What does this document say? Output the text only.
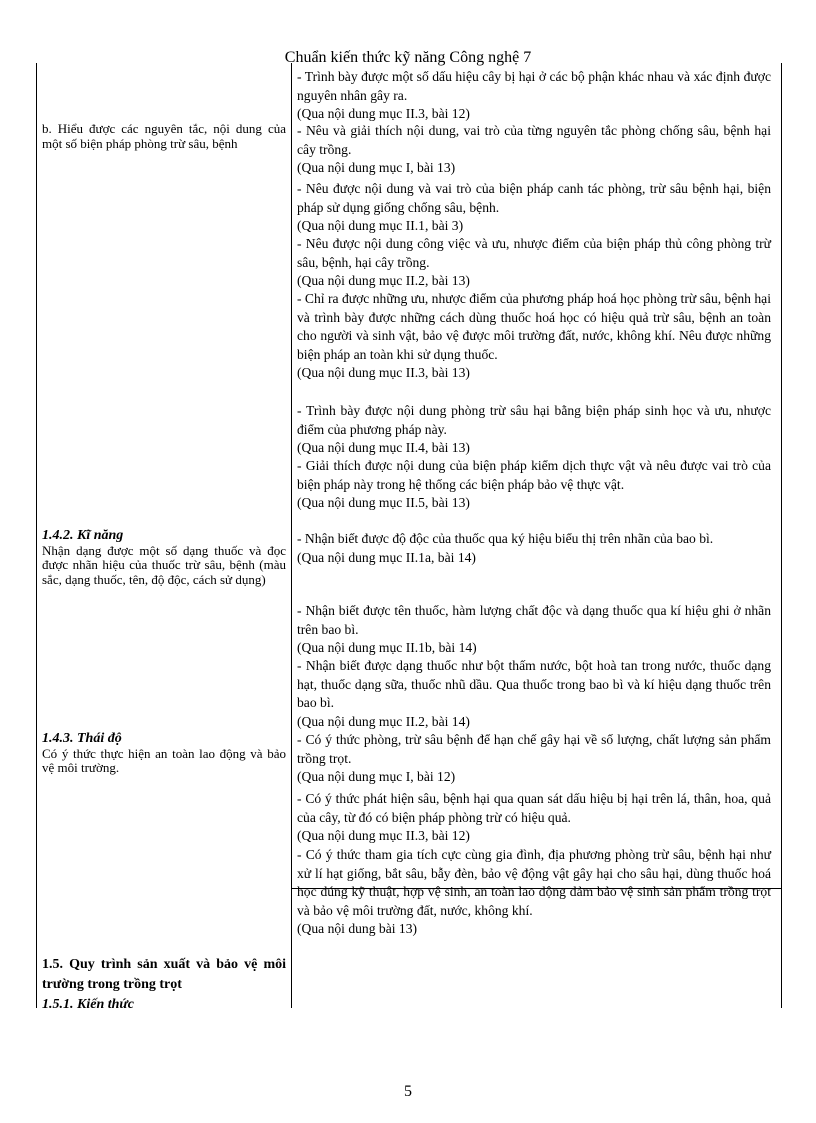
Chuẩn kiến thức kỹ năng Công nghệ 7
b. Hiểu được các nguyên tắc, nội dung của một số biện pháp phòng trừ sâu, bệnh
1.4.2. Kĩ năng
Nhận dạng được một số dạng thuốc và đọc được nhãn hiệu của thuốc trừ sâu, bệnh (màu sắc, dạng thuốc, tên, độ độc, cách sử dụng)
1.4.3. Thái độ
Có ý thức thực hiện an toàn lao động và bảo vệ môi trường.
1.5. Quy trình sản xuất và bảo vệ môi trường trong trồng trọt
1.5.1. Kiến thức
- Trình bày được một số dấu hiệu cây bị hại ở các bộ phận khác nhau và xác định được nguyên nhân gây ra.
(Qua nội dung mục II.3, bài 12)
- Nêu và giải thích nội dung, vai trò của từng nguyên tắc phòng chống sâu, bệnh hại cây trồng.
(Qua nội dung mục I, bài 13)
- Nêu được nội dung và vai trò của biện pháp canh tác phòng, trừ sâu bệnh hại, biện pháp sử dụng giống chống sâu, bệnh.
(Qua nội dung mục II.1, bài 3)
- Nêu được nội dung công việc và ưu, nhược điểm của biện pháp thủ công phòng trừ sâu, bệnh, hại cây trồng.
(Qua nội dung mục II.2, bài 13)
- Chỉ ra được những ưu, nhược điểm của phương pháp hoá học phòng trừ sâu, bệnh hại và trình bày được những cách dùng thuốc hoá học có hiệu quả trừ sâu, bệnh an toàn cho người và sinh vật, bảo vệ được môi trường đất, nước, không khí. Nêu được những biện pháp an toàn khi sử dụng thuốc.
(Qua nội dung mục II.3, bài 13)
- Trình bày được nội dung phòng trừ sâu hại bằng biện pháp sinh học và ưu, nhược điểm của phương pháp này.
(Qua nội dung mục II.4, bài 13)
- Giải thích được nội dung của biện pháp kiểm dịch thực vật và nêu được vai trò của biện pháp này trong hệ thống các biện pháp bảo vệ thực vật.
(Qua nội dung mục II.5, bài 13)
- Nhận biết được độ độc của thuốc qua ký hiệu biểu thị trên nhãn của bao bì.
(Qua nội dung mục II.1a, bài 14)
- Nhận biết được tên thuốc, hàm lượng chất độc và dạng thuốc qua kí hiệu ghi ở nhãn trên bao bì.
(Qua nội dung mục II.1b, bài 14)
- Nhận biết được dạng thuốc như bột thấm nước, bột hoà tan trong nước, thuốc dạng hạt, thuốc dạng sữa, thuốc nhũ dầu. Qua thuốc trong bao bì và kí hiệu dạng thuốc trên bao bì.
(Qua nội dung mục II.2, bài 14)
- Có ý thức phòng, trừ sâu bệnh để hạn chế gây hại về số lượng, chất lượng sản phẩm trồng trọt.
(Qua nội dung mục I, bài 12)
- Có ý thức phát hiện sâu, bệnh hại qua quan sát dấu hiệu bị hại trên lá, thân, hoa, quả của cây, từ đó có biện pháp phòng trừ có hiệu quả.
(Qua nội dung mục II.3, bài 12)
- Có ý thức tham gia tích cực cùng gia đình, địa phương phòng trừ sâu, bệnh hại như xử lí hạt giống, bắt sâu, bẫy đèn, bảo vệ động vật gây hại cho sâu hại, dùng thuốc hoá học đúng kỹ thuật, hợp vệ sinh, an toàn lao động đảm bảo vệ sinh sản phẩm trồng trọt và bảo vệ môi trường đất, nước, không khí.
(Qua nội dung bài 13)
5
